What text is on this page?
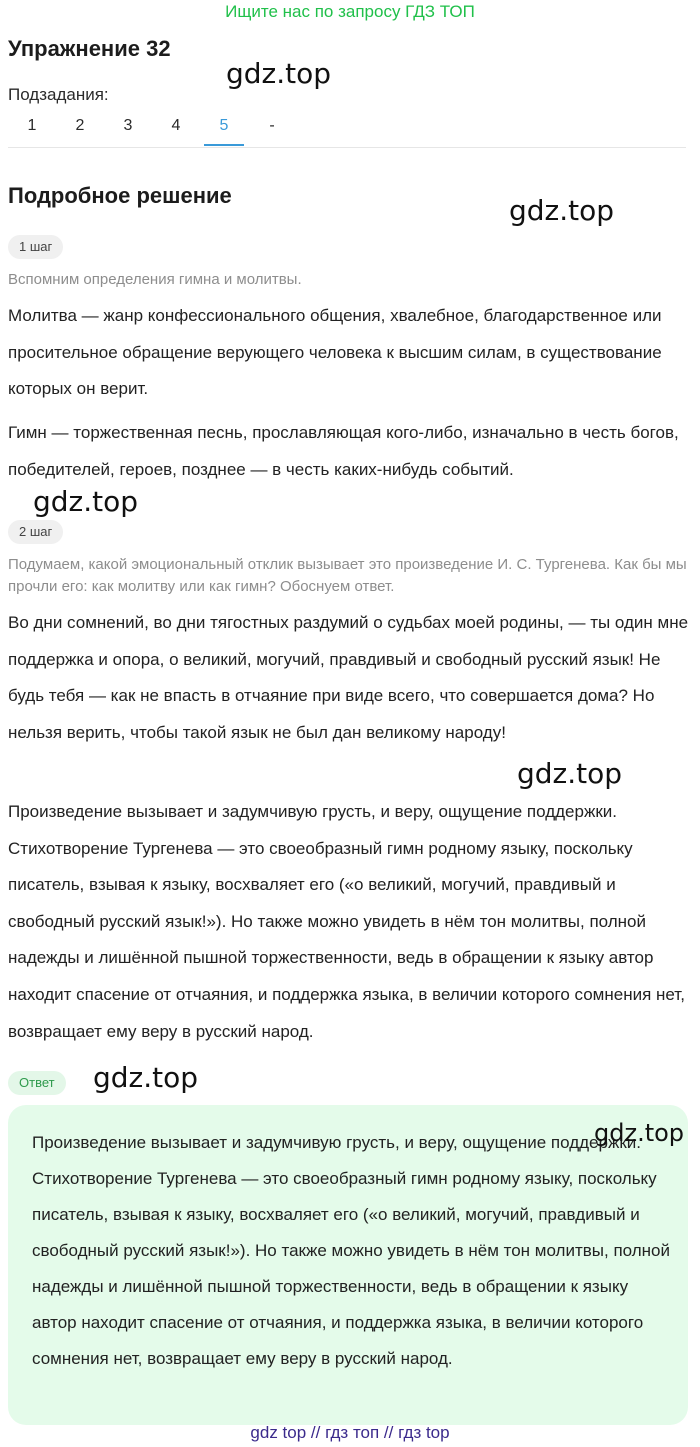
Ищите нас по запросу ГДЗ ТОП
Упражнение 32
gdz.top
Подзадания:
1	2	3	4	5	-
Подробное решение	gdz.top
1 шаг
Вспомним определения гимна и молитвы.
Молитва — жанр конфессионального общения, хвалебное, благодарственное или просительное обращение верующего человека к высшим силам, в существование которых он верит.
Гимн — торжественная песнь, прославляющая кого-либо, изначально в честь богов, победителей, героев, позднее — в честь каких-нибудь событий.
gdz.top
2 шаг
Подумаем, какой эмоциональный отклик вызывает это произведение И. С. Тургенева. Как бы мы прочли его: как молитву или как гимн? Обоснуем ответ.
Во дни сомнений, во дни тягостных раздумий о судьбах моей родины, — ты один мне поддержка и опора, о великий, могучий, правдивый и свободный русский язык! Не будь тебя — как не впасть в отчаяние при виде всего, что совершается дома? Но нельзя верить, чтобы такой язык не был дан великому народу!
gdz.top
Произведение вызывает и задумчивую грусть, и веру, ощущение поддержки. Стихотворение Тургенева — это своеобразный гимн родному языку, поскольку писатель, взывая к языку, восхваляет его («о великий, могучий, правдивый и свободный русский язык!»). Но также можно увидеть в нём тон молитвы, полной надежды и лишённой пышной торжественности, ведь в обращении к языку автор находит спасение от отчаяния, и поддержка языка, в величии которого сомнения нет, возвращает ему веру в русский народ.
Ответ	gdz.top
Произведение вызывает и задумчивую грусть, и веру, ощущение поддержки. Стихотворение Тургенева — это своеобразный гимн родному языку, поскольку писатель, взывая к языку, восхваляет его («о великий, могучий, правдивый и свободный русский язык!»). Но также можно увидеть в нём тон молитвы, полной надежды и лишённой пышной торжественности, ведь в обращении к языку автор находит спасение от отчаяния, и поддержка языка, в величии которого сомнения нет, возвращает ему веру в русский народ.
gdz.top
gdz top // гдз топ // гдз top
